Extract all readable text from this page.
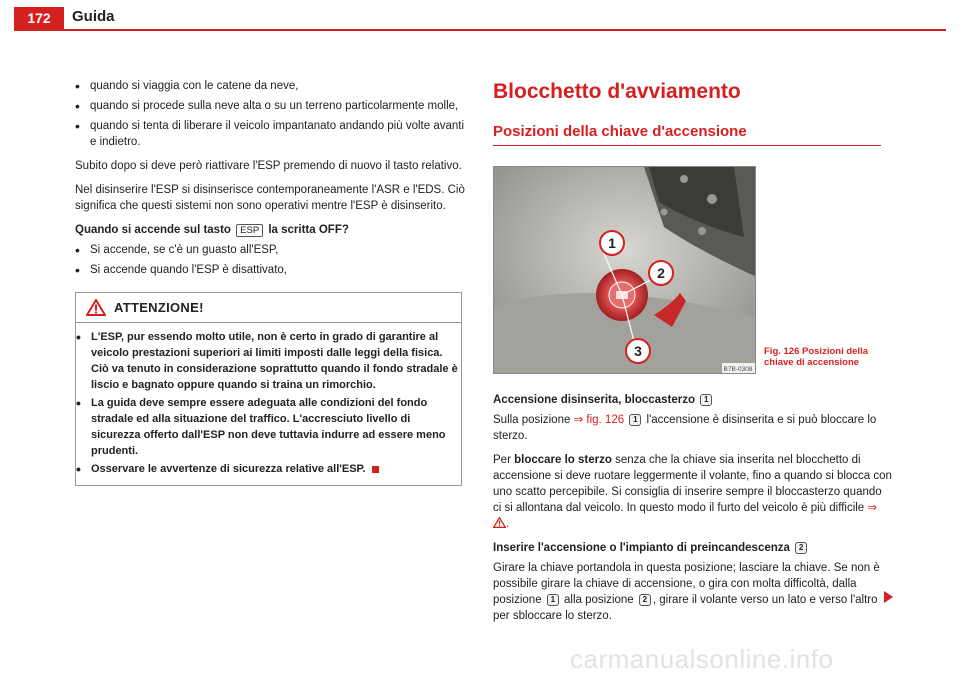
172	Guida
• quando si viaggia con le catene da neve,
• quando si procede sulla neve alta o su un terreno particolarmente molle,
• quando si tenta di liberare il veicolo impantanato andando più volte avanti e indietro.

Subito dopo si deve però riattivare l'ESP premendo di nuovo il tasto relativo.

Nel disinserire l'ESP si disinserisce contemporaneamente l'ASR e l'EDS. Ciò significa che questi sistemi non sono operativi mentre l'ESP è disinserito.

Quando si accende sul tasto ESP la scritta OFF?

• Si accende, se c'è un guasto all'ESP,
• Si accende quando l'ESP è disattivato,
ATTENZIONE!
• L'ESP, pur essendo molto utile, non è certo in grado di garantire al veicolo prestazioni superiori ai limiti imposti dalle leggi della fisica. Ciò va tenuto in considerazione soprattutto quando il fondo stradale è liscio e bagnato oppure quando si traina un rimorchio.
• La guida deve sempre essere adeguata alle condizioni del fondo stradale ed alla situazione del traffico. L'accresciuto livello di sicurezza offerto dall'ESP non deve tuttavia indurre ad essere meno prudenti.
• Osservare le avvertenze di sicurezza relative all'ESP.
Blocchetto d'avviamento
Posizioni della chiave d'accensione
1
2
3
B7B-0308
Fig. 126 Posizioni della chiave di accensione

Accensione disinserita, bloccasterzo 1

Sulla posizione ⇒ fig. 126 1 l'accensione è disinserita e si può bloccare lo sterzo.

Per bloccare lo sterzo senza che la chiave sia inserita nel blocchetto di accensione si deve ruotare leggermente il volante, fino a quando si blocca con uno scatto percepibile. Si consiglia di inserire sempre il bloccasterzo quando ci si allontana dal veicolo. In questo modo il furto del veicolo è più difficile ⇒ .

Inserire l'accensione o l'impianto di preincandescenza 2

Girare la chiave portandola in questa posizione; lasciare la chiave. Se non è possibile girare la chiave di accensione, o gira con molta difficoltà, dalla posizione 1 alla posizione 2 , girare il volante verso un lato e verso l'altro per sbloccare lo sterzo.

carmanualsonline.info
